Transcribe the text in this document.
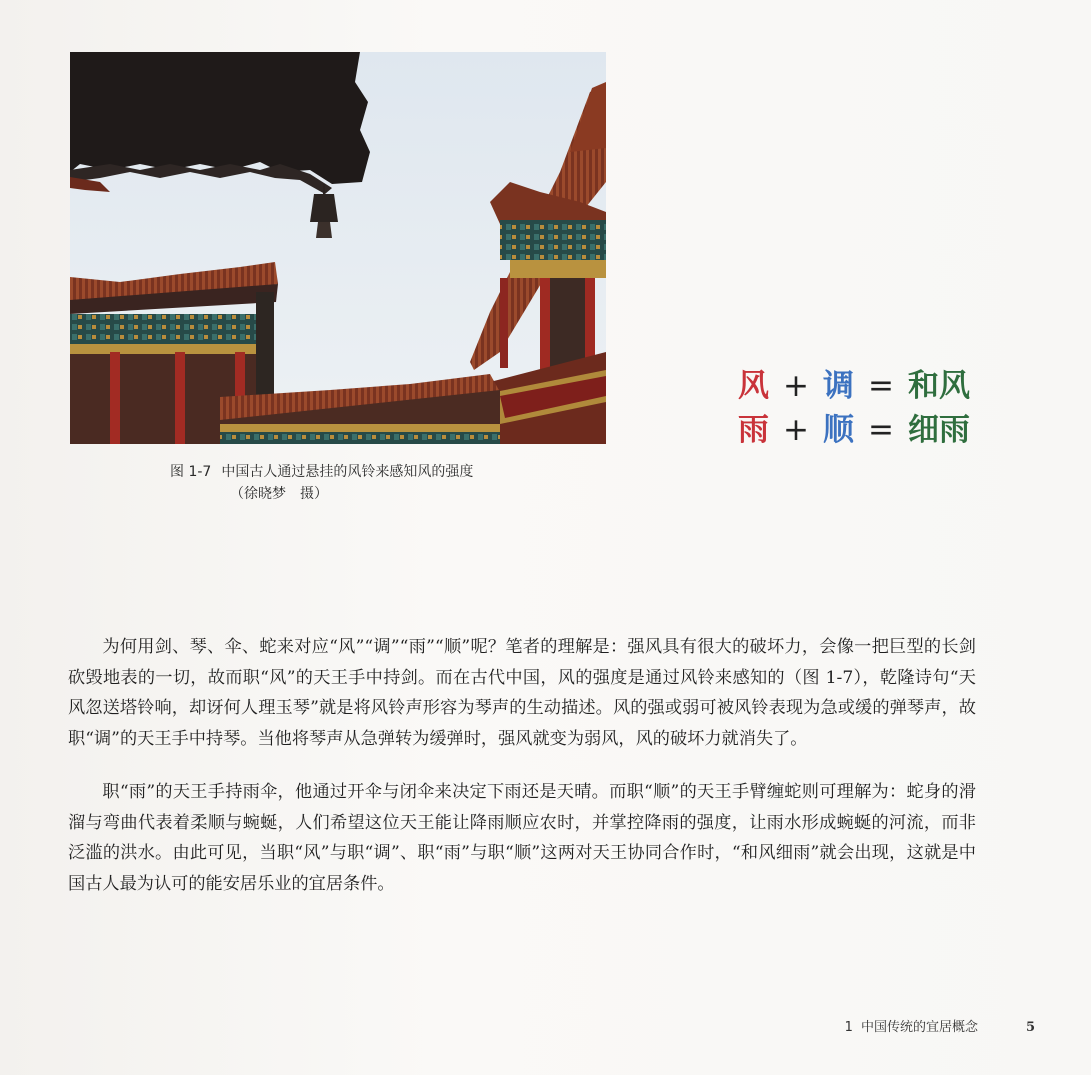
图 1-7 中国古人通过悬挂的风铃来感知风的强度
（徐晓梦　摄）
风 + 调 = 和风
雨 + 顺 = 细雨

为何用剑、琴、伞、蛇来对应“风”“调”“雨”“顺”呢？笔者的理解是：强风具有很大的破坏力，会像一把巨型的长剑砍毁地表的一切，故而职“风”的天王手中持剑。而在古代中国，风的强度是通过风铃来感知的（图 1-7），乾隆诗句“天风忽送塔铃响，却讶何人理玉琴”就是将风铃声形容为琴声的生动描述。风的强或弱可被风铃表现为急或缓的弹琴声，故职“调”的天王手中持琴。当他将琴声从急弹转为缓弹时，强风就变为弱风，风的破坏力就消失了。

职“雨”的天王手持雨伞，他通过开伞与闭伞来决定下雨还是天晴。而职“顺”的天王手臂缠蛇则可理解为：蛇身的滑溜与弯曲代表着柔顺与蜿蜒，人们希望这位天王能让降雨顺应农时，并掌控降雨的强度，让雨水形成蜿蜒的河流，而非泛滥的洪水。由此可见，当职“风”与职“调”、职“雨”与职“顺”这两对天王协同合作时，“和风细雨”就会出现，这就是中国古人最为认可的能安居乐业的宜居条件。

1 中国传统的宜居概念	5
